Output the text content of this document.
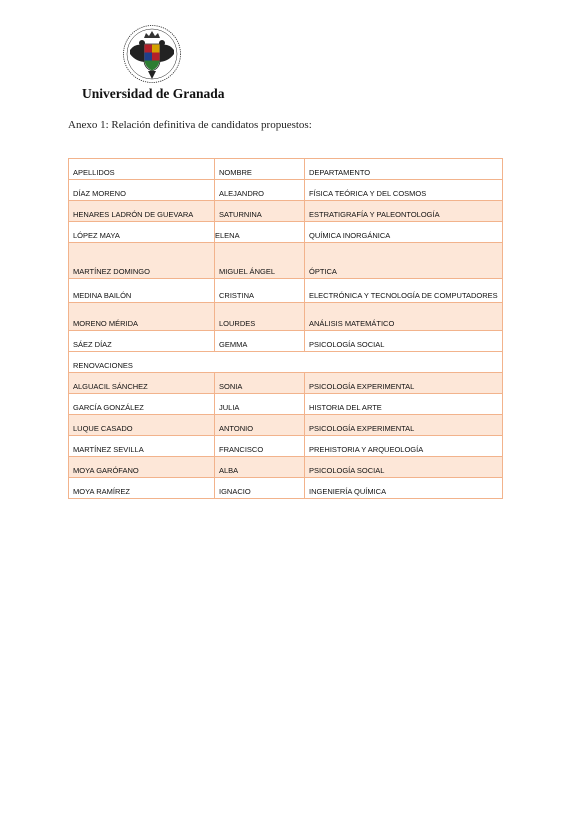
Universidad de Granada
Anexo 1: Relación definitiva de candidatos propuestos:
APELLIDOS	NOMBRE	DEPARTAMENTO
DÍAZ MORENO	ALEJANDRO	FÍSICA TEÓRICA Y DEL COSMOS
HENARES LADRÓN DE GUEVARA	SATURNINA	ESTRATIGRAFÍA Y PALEONTOLOGÍA
LÓPEZ MAYA	ELENA	QUÍMICA INORGÁNICA
MARTÍNEZ DOMINGO	MIGUEL ÁNGEL	ÓPTICA
MEDINA BAILÓN	CRISTINA	ELECTRÓNICA Y TECNOLOGÍA DE COMPUTADORES
MORENO MÉRIDA	LOURDES	ANÁLISIS MATEMÁTICO
SÁEZ DÍAZ	GEMMA	PSICOLOGÍA SOCIAL
RENOVACIONES		
ALGUACIL SÁNCHEZ	SONIA	PSICOLOGÍA EXPERIMENTAL
GARCÍA GONZÁLEZ	JULIA	HISTORIA DEL ARTE
LUQUE CASADO	ANTONIO	PSICOLOGÍA EXPERIMENTAL
MARTÍNEZ SEVILLA	FRANCISCO	PREHISTORIA Y ARQUEOLOGÍA
MOYA GARÓFANO	ALBA	PSICOLOGÍA SOCIAL
MOYA RAMÍREZ	IGNACIO	INGENIERÍA QUÍMICA
